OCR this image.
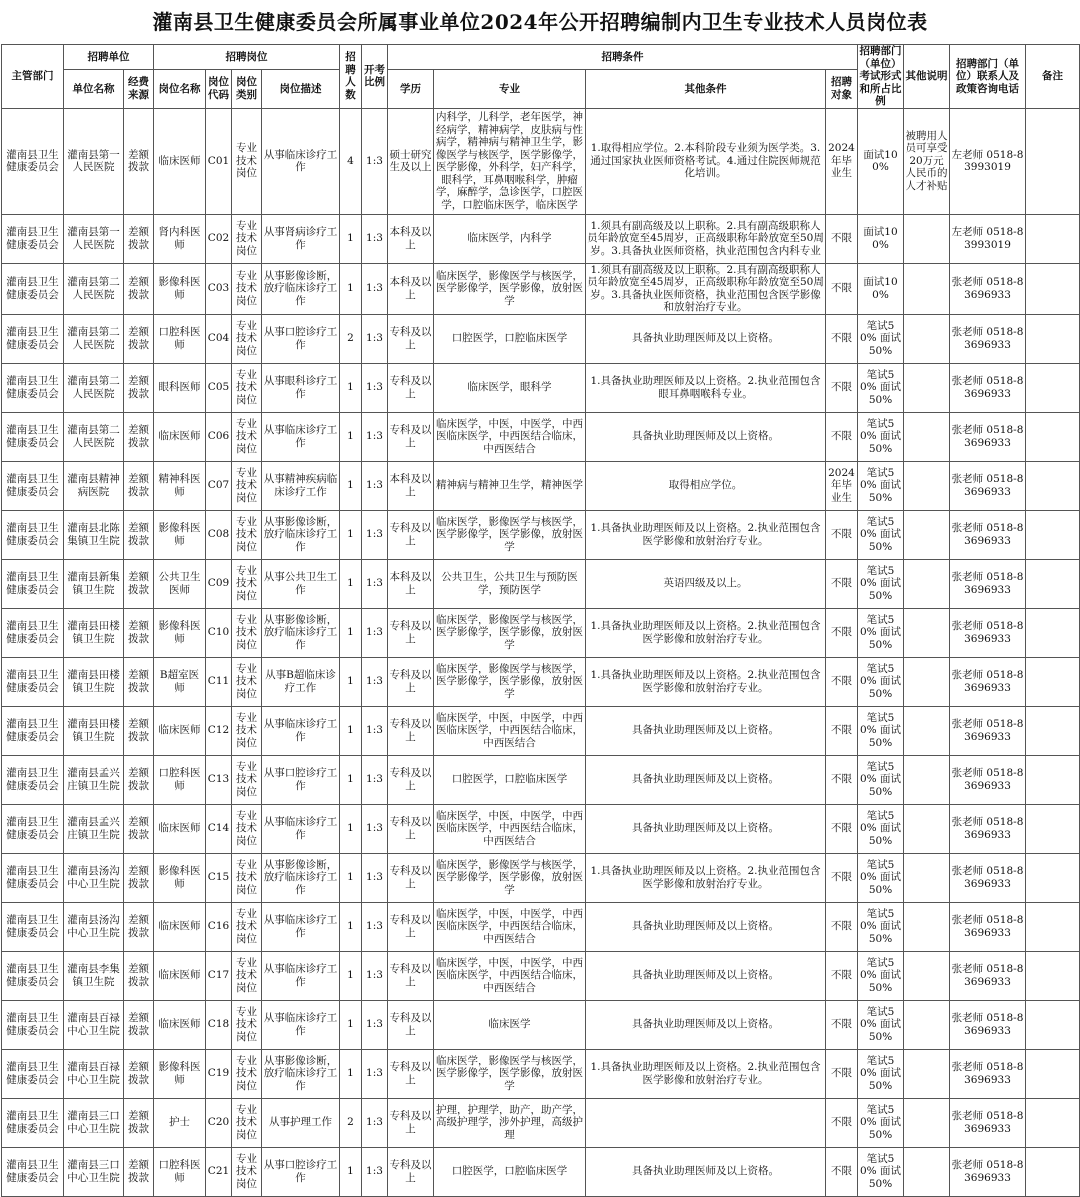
灌南县卫生健康委员会所属事业单位2024年公开招聘编制内卫生专业技术人员岗位表
主管部门	招聘单位		招聘岗位				招聘人数	开考比例	招聘条件				招聘部门（单位）考试形式和所占比例	其他说明	招聘部门（单位）联系人及政策咨询电话	备注
	单位名称	经费来源	岗位名称	岗位代码	岗位类别	岗位描述			学历	专业	其他条件	招聘对象				
灌南县卫生健康委员会	灌南县第一人民医院	差额拨款	临床医师	C01	专业技术岗位	从事临床诊疗工作	4	1:3	硕士研究生及以上	内科学，儿科学，老年医学，神经病学，精神病学，皮肤病与性病学，精神病与精神卫生学，影像医学与核医学，医学影像学，医学影像，外科学，妇产科学，眼科学，耳鼻咽喉科学，肿瘤学，麻醉学，急诊医学，口腔医学，口腔临床医学，临床医学	1.取得相应学位。2.本科阶段专业须为医学类。3.通过国家执业医师资格考试。4.通过住院医师规范化培训。	2024年毕业生	面试100%	被聘用人员可享受20万元人民币的人才补贴	左老师 0518-83993019	
灌南县卫生健康委员会	灌南县第一人民医院	差额拨款	肾内科医师	C02	专业技术岗位	从事肾病诊疗工作	1	1:3	本科及以上	临床医学，内科学	1.须具有副高级及以上职称。2.具有副高级职称人员年龄放宽至45周岁，正高级职称年龄放宽至50周岁。3.具备执业医师资格，执业范围包含内科专业	不限	面试100%		左老师 0518-83993019	
灌南县卫生健康委员会	灌南县第二人民医院	差额拨款	影像科医师	C03	专业技术岗位	从事影像诊断，放疗临床诊疗工作	1	1:3	本科及以上	临床医学，影像医学与核医学，医学影像学，医学影像，放射医学	1.须具有副高级及以上职称。2.具有副高级职称人员年龄放宽至45周岁，正高级职称年龄放宽至50周岁。3.具备执业医师资格，执业范围包含医学影像和放射治疗专业。	不限	面试100%		张老师 0518-83696933	
灌南县卫生健康委员会	灌南县第二人民医院	差额拨款	口腔科医师	C04	专业技术岗位	从事口腔诊疗工作	2	1:3	专科及以上	口腔医学，口腔临床医学	具备执业助理医师及以上资格。	不限	笔试50% 面试50%		张老师 0518-83696933	
灌南县卫生健康委员会	灌南县第二人民医院	差额拨款	眼科医师	C05	专业技术岗位	从事眼科诊疗工作	1	1:3	专科及以上	临床医学，眼科学	1.具备执业助理医师及以上资格。2.执业范围包含眼耳鼻咽喉科专业。	不限	笔试50% 面试50%		张老师 0518-83696933	
灌南县卫生健康委员会	灌南县第二人民医院	差额拨款	临床医师	C06	专业技术岗位	从事临床诊疗工作	1	1:3	专科及以上	临床医学，中医，中医学，中西医临床医学，中西医结合临床，中西医结合	具备执业助理医师及以上资格。	不限	笔试50% 面试50%		张老师 0518-83696933	
灌南县卫生健康委员会	灌南县精神病医院	差额拨款	精神科医师	C07	专业技术岗位	从事精神疾病临床诊疗工作	1	1:3	本科及以上	精神病与精神卫生学，精神医学	取得相应学位。	2024年毕业生	笔试50% 面试50%		张老师 0518-83696933	
灌南县卫生健康委员会	灌南县北陈集镇卫生院	差额拨款	影像科医师	C08	专业技术岗位	从事影像诊断，放疗临床诊疗工作	1	1:3	专科及以上	临床医学，影像医学与核医学，医学影像学，医学影像，放射医学	1.具备执业助理医师及以上资格。2.执业范围包含医学影像和放射治疗专业。	不限	笔试50% 面试50%		张老师 0518-83696933	
灌南县卫生健康委员会	灌南县新集镇卫生院	差额拨款	公共卫生医师	C09	专业技术岗位	从事公共卫生工作	1	1:3	本科及以上	公共卫生，公共卫生与预防医学，预防医学	英语四级及以上。	不限	笔试50% 面试50%		张老师 0518-83696933	
灌南县卫生健康委员会	灌南县田楼镇卫生院	差额拨款	影像科医师	C10	专业技术岗位	从事影像诊断，放疗临床诊疗工作	1	1:3	专科及以上	临床医学，影像医学与核医学，医学影像学，医学影像，放射医学	1.具备执业助理医师及以上资格。2.执业范围包含医学影像和放射治疗专业。	不限	笔试50% 面试50%		张老师 0518-83696933	
灌南县卫生健康委员会	灌南县田楼镇卫生院	差额拨款	B超室医师	C11	专业技术岗位	从事B超临床诊疗工作	1	1:3	专科及以上	临床医学，影像医学与核医学，医学影像学，医学影像，放射医学	1.具备执业助理医师及以上资格。2.执业范围包含医学影像和放射治疗专业。	不限	笔试50% 面试50%		张老师 0518-83696933	
灌南县卫生健康委员会	灌南县田楼镇卫生院	差额拨款	临床医师	C12	专业技术岗位	从事临床诊疗工作	1	1:3	专科及以上	临床医学，中医，中医学，中西医临床医学，中西医结合临床，中西医结合	具备执业助理医师及以上资格。	不限	笔试50% 面试50%		张老师 0518-83696933	
灌南县卫生健康委员会	灌南县孟兴庄镇卫生院	差额拨款	口腔科医师	C13	专业技术岗位	从事口腔诊疗工作	1	1:3	专科及以上	口腔医学，口腔临床医学	具备执业助理医师及以上资格。	不限	笔试50% 面试50%		张老师 0518-83696933	
灌南县卫生健康委员会	灌南县孟兴庄镇卫生院	差额拨款	临床医师	C14	专业技术岗位	从事临床诊疗工作	1	1:3	专科及以上	临床医学，中医，中医学，中西医临床医学，中西医结合临床，中西医结合	具备执业助理医师及以上资格。	不限	笔试50% 面试50%		张老师 0518-83696933	
灌南县卫生健康委员会	灌南县汤沟中心卫生院	差额拨款	影像科医师	C15	专业技术岗位	从事影像诊断，放疗临床诊疗工作	1	1:3	专科及以上	临床医学，影像医学与核医学，医学影像学，医学影像，放射医学	1.具备执业助理医师及以上资格。2.执业范围包含医学影像和放射治疗专业。	不限	笔试50% 面试50%		张老师 0518-83696933	
灌南县卫生健康委员会	灌南县汤沟中心卫生院	差额拨款	临床医师	C16	专业技术岗位	从事临床诊疗工作	1	1:3	专科及以上	临床医学，中医，中医学，中西医临床医学，中西医结合临床，中西医结合	具备执业助理医师及以上资格。	不限	笔试50% 面试50%		张老师 0518-83696933	
灌南县卫生健康委员会	灌南县李集镇卫生院	差额拨款	临床医师	C17	专业技术岗位	从事临床诊疗工作	1	1:3	专科及以上	临床医学，中医，中医学，中西医临床医学，中西医结合临床，中西医结合	具备执业助理医师及以上资格。	不限	笔试50% 面试50%		张老师 0518-83696933	
灌南县卫生健康委员会	灌南县百禄中心卫生院	差额拨款	临床医师	C18	专业技术岗位	从事临床诊疗工作	1	1:3	专科及以上	临床医学	具备执业助理医师及以上资格。	不限	笔试50% 面试50%		张老师 0518-83696933	
灌南县卫生健康委员会	灌南县百禄中心卫生院	差额拨款	影像科医师	C19	专业技术岗位	从事影像诊断，放疗临床诊疗工作	1	1:3	专科及以上	临床医学，影像医学与核医学，医学影像学，医学影像，放射医学	1.具备执业助理医师及以上资格。2.执业范围包含医学影像和放射治疗专业。	不限	笔试50% 面试50%		张老师 0518-83696933	
灌南县卫生健康委员会	灌南县三口中心卫生院	差额拨款	护士	C20	专业技术岗位	从事护理工作	2	1:3	专科及以上	护理，护理学，助产，助产学，高级护理学，涉外护理，高级护理		不限	笔试50% 面试50%		张老师 0518-83696933	
灌南县卫生健康委员会	灌南县三口中心卫生院	差额拨款	口腔科医师	C21	专业技术岗位	从事口腔诊疗工作	1	1:3	专科及以上	口腔医学，口腔临床医学	具备执业助理医师及以上资格。	不限	笔试50% 面试50%		张老师 0518-83696933	
